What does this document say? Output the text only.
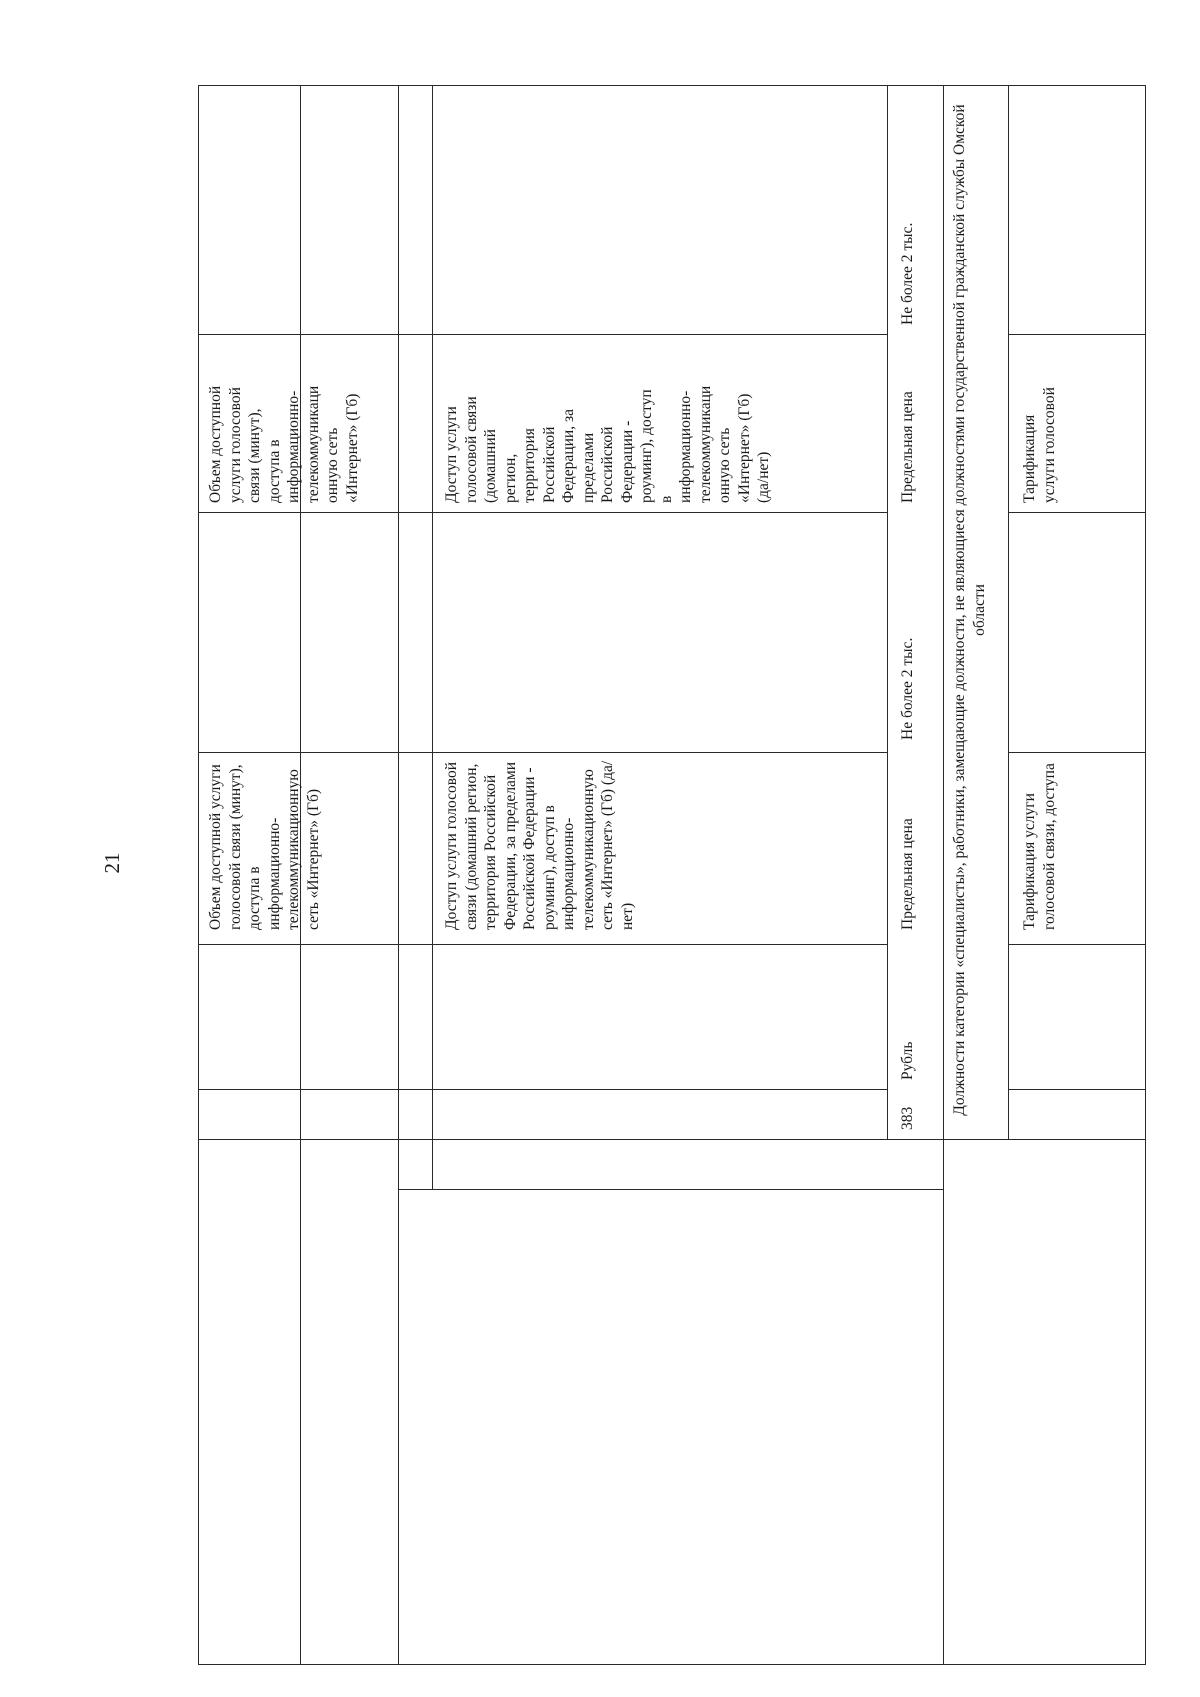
21	Объем доступной услуги голосовой связи (минут), доступа в информационно-телекоммуникационную сеть «Интернет» (Гб)
Объем доступной
услуги голосовой
связи (минут),
доступа в
информационно-
телекоммуникаци
онную сеть
«Интернет» (Гб)
Доступ услуги голосовой связи (домашний регион, территория Российской Федерации, за пределами Российской Федерации - роуминг), доступ в информационно-телекоммуникационную сеть «Интернет» (Гб) (да/нет)
Доступ услуги
голосовой связи
(домашний
регион,
территория
Российской
Федерации, за
пределами
Российской
Федерации -
роуминг), доступ
в
информационно-
телекоммуникаци
онную сеть
«Интернет» (Гб)
(да/нет)
383
Рубль
Предельная цена
Не более 2 тыс.
Предельная цена
Не более 2 тыс.	Должности категории «специалисты», работники, замещающие должности, не являющиеся должностями государственной гражданской службы Омской области
Тарификация услуги голосовой связи, доступа
Тарификация
услуги голосовой
